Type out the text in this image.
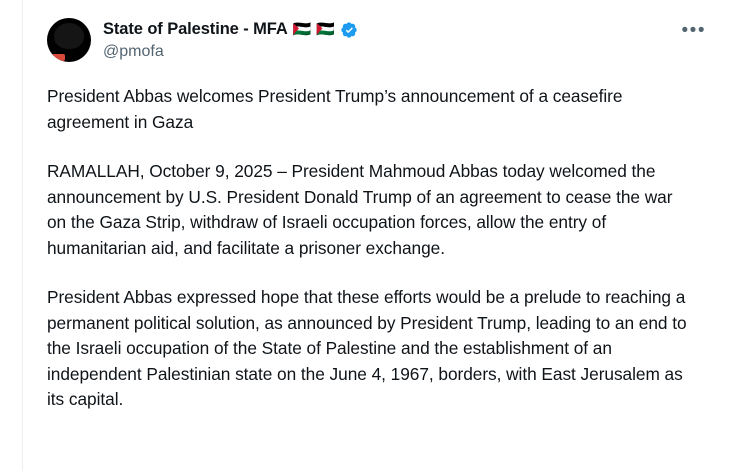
State of Palestine - MFA 🇵🇸 🇵🇸
@pmofa
•••

President Abbas welcomes President Trump’s announcement of a ceasefire agreement in Gaza

RAMALLAH, October 9, 2025 – President Mahmoud Abbas today welcomed the announcement by U.S. President Donald Trump of an agreement to cease the war on the Gaza Strip, withdraw of Israeli occupation forces, allow the entry of humanitarian aid, and facilitate a prisoner exchange.

President Abbas expressed hope that these efforts would be a prelude to reaching a permanent political solution, as announced by President Trump, leading to an end to the Israeli occupation of the State of Palestine and the establishment of an independent Palestinian state on the June 4, 1967, borders, with East Jerusalem as its capital.
